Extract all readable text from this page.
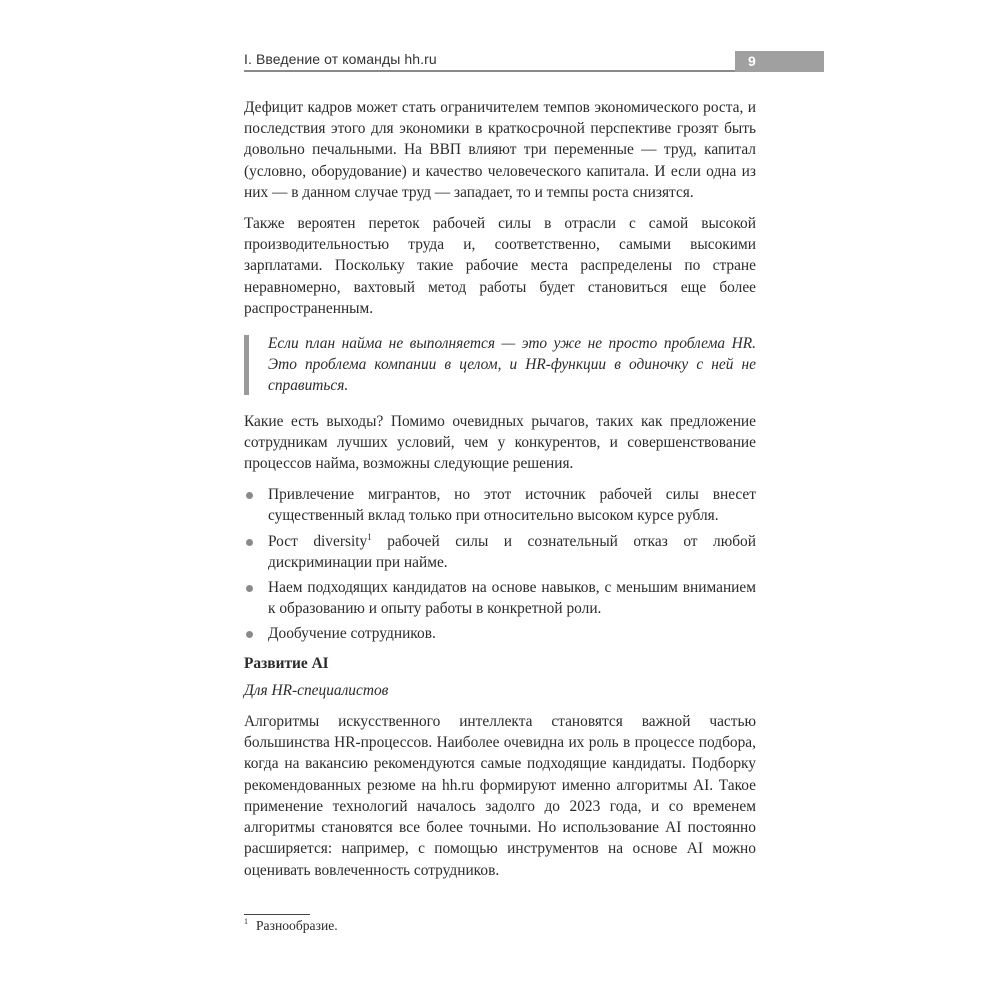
I. Введение от команды hh.ru	9

Дефицит кадров может стать ограничителем темпов экономического роста, и последствия этого для экономики в краткосрочной перспективе грозят быть довольно печальными. На ВВП влияют три переменные — труд, капитал (условно, оборудование) и качество человеческого капитала. И если одна из них — в данном случае труд — западает, то и темпы роста снизятся.

Также вероятен переток рабочей силы в отрасли с самой высокой производительностью труда и, соответственно, самыми высокими зарплатами. Поскольку такие рабочие места распределены по стране неравномерно, вахтовый метод работы будет становиться еще более распространенным.

Если план найма не выполняется — это уже не просто проблема HR. Это проблема компании в целом, и HR-функции в одиночку с ней не справиться.

Какие есть выходы? Помимо очевидных рычагов, таких как предложение сотрудникам лучших условий, чем у конкурентов, и совершенствование процессов найма, возможны следующие решения.

Привлечение мигрантов, но этот источник рабочей силы внесет существенный вклад только при относительно высоком курсе рубля.
Рост diversity$^1$ рабочей силы и сознательный отказ от любой дискриминации при найме.
Наем подходящих кандидатов на основе навыков, с меньшим вниманием к образованию и опыту работы в конкретной роли.
Дообучение сотрудников.
Развитие AI

Для HR-специалистов

Алгоритмы искусственного интеллекта становятся важной частью большинства HR-процессов. Наиболее очевидна их роль в процессе подбора, когда на вакансию рекомендуются самые подходящие кандидаты. Подборку рекомендованных резюме на hh.ru формируют именно алгоритмы AI. Такое применение технологий началось задолго до 2023 года, и со временем алгоритмы становятся все более точными. Но использование AI постоянно расширяется: например, с помощью инструментов на основе AI можно оценивать вовлеченность сотрудников.

$^1$ Разнообразие.
